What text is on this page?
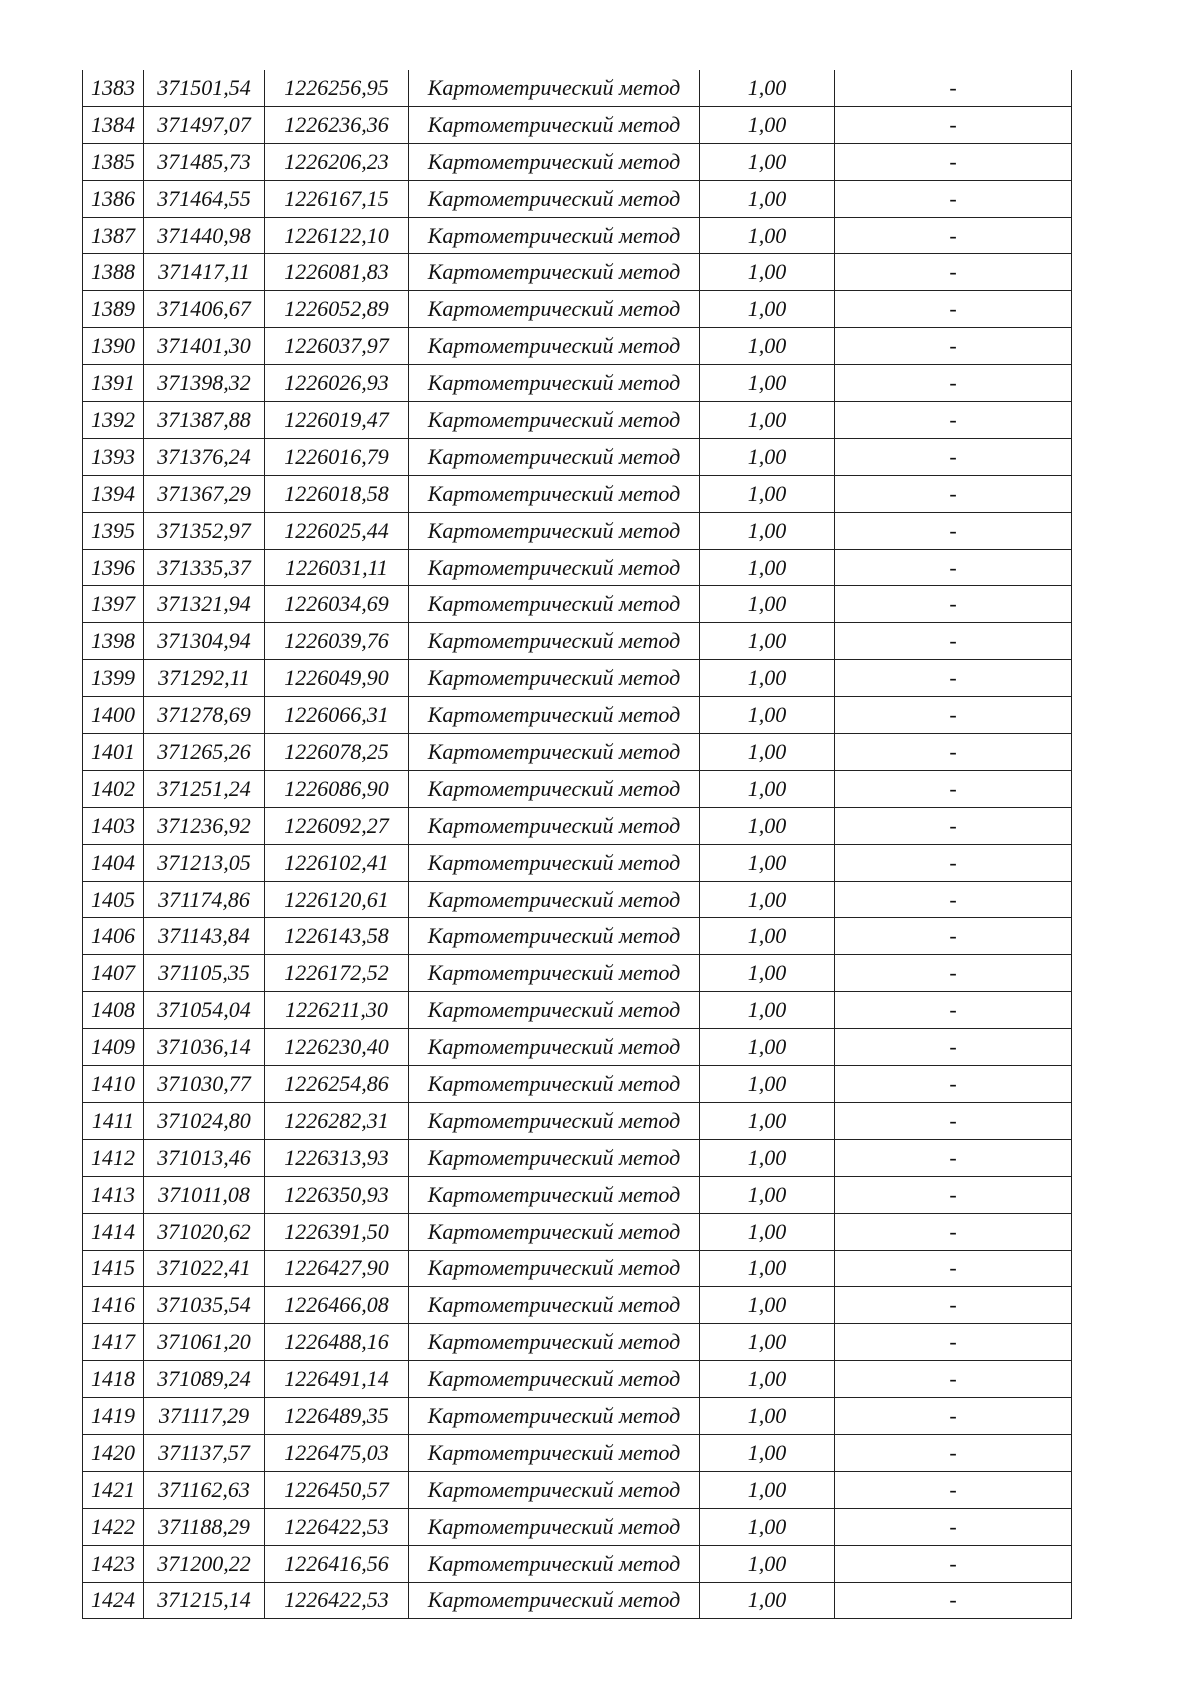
1383	371501,54	1226256,95	Картометрический метод	1,00	-
1384	371497,07	1226236,36	Картометрический метод	1,00	-
1385	371485,73	1226206,23	Картометрический метод	1,00	-
1386	371464,55	1226167,15	Картометрический метод	1,00	-
1387	371440,98	1226122,10	Картометрический метод	1,00	-
1388	371417,11	1226081,83	Картометрический метод	1,00	-
1389	371406,67	1226052,89	Картометрический метод	1,00	-
1390	371401,30	1226037,97	Картометрический метод	1,00	-
1391	371398,32	1226026,93	Картометрический метод	1,00	-
1392	371387,88	1226019,47	Картометрический метод	1,00	-
1393	371376,24	1226016,79	Картометрический метод	1,00	-
1394	371367,29	1226018,58	Картометрический метод	1,00	-
1395	371352,97	1226025,44	Картометрический метод	1,00	-
1396	371335,37	1226031,11	Картометрический метод	1,00	-
1397	371321,94	1226034,69	Картометрический метод	1,00	-
1398	371304,94	1226039,76	Картометрический метод	1,00	-
1399	371292,11	1226049,90	Картометрический метод	1,00	-
1400	371278,69	1226066,31	Картометрический метод	1,00	-
1401	371265,26	1226078,25	Картометрический метод	1,00	-
1402	371251,24	1226086,90	Картометрический метод	1,00	-
1403	371236,92	1226092,27	Картометрический метод	1,00	-
1404	371213,05	1226102,41	Картометрический метод	1,00	-
1405	371174,86	1226120,61	Картометрический метод	1,00	-
1406	371143,84	1226143,58	Картометрический метод	1,00	-
1407	371105,35	1226172,52	Картометрический метод	1,00	-
1408	371054,04	1226211,30	Картометрический метод	1,00	-
1409	371036,14	1226230,40	Картометрический метод	1,00	-
1410	371030,77	1226254,86	Картометрический метод	1,00	-
1411	371024,80	1226282,31	Картометрический метод	1,00	-
1412	371013,46	1226313,93	Картометрический метод	1,00	-
1413	371011,08	1226350,93	Картометрический метод	1,00	-
1414	371020,62	1226391,50	Картометрический метод	1,00	-
1415	371022,41	1226427,90	Картометрический метод	1,00	-
1416	371035,54	1226466,08	Картометрический метод	1,00	-
1417	371061,20	1226488,16	Картометрический метод	1,00	-
1418	371089,24	1226491,14	Картометрический метод	1,00	-
1419	371117,29	1226489,35	Картометрический метод	1,00	-
1420	371137,57	1226475,03	Картометрический метод	1,00	-
1421	371162,63	1226450,57	Картометрический метод	1,00	-
1422	371188,29	1226422,53	Картометрический метод	1,00	-
1423	371200,22	1226416,56	Картометрический метод	1,00	-
1424	371215,14	1226422,53	Картометрический метод	1,00	-
